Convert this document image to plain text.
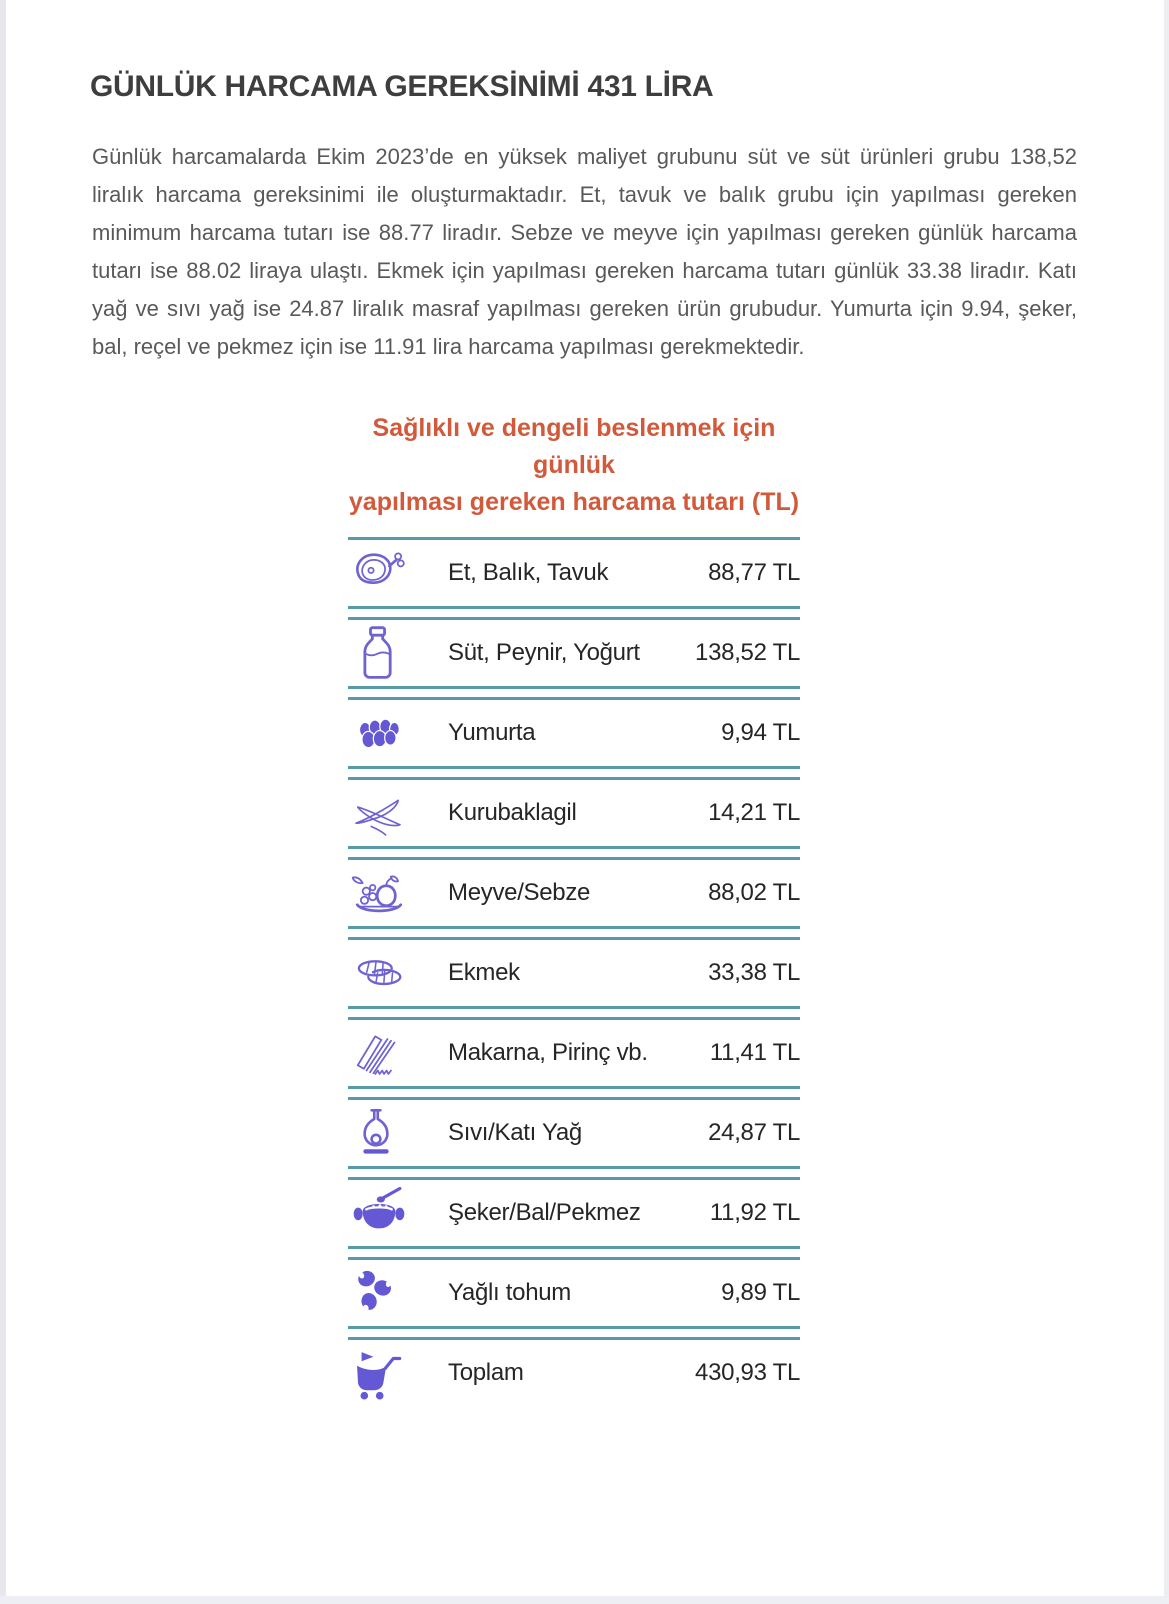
GÜNLÜK HARCAMA GEREKSİNİMİ 431 LİRA

Günlük harcamalarda Ekim 2023’de en yüksek maliyet grubunu süt ve süt ürünleri grubu 138,52 liralık harcama gereksinimi ile oluşturmaktadır. Et, tavuk ve balık grubu için yapılması gereken minimum harcama tutarı ise 88.77 liradır. Sebze ve meyve için yapılması gereken günlük harcama tutarı ise 88.02 liraya ulaştı. Ekmek için yapılması gereken harcama tutarı günlük 33.38 liradır. Katı yağ ve sıvı yağ ise 24.87 liralık masraf yapılması gereken ürün grubudur. Yumurta için 9.94, şeker, bal, reçel ve pekmez için ise 11.91 lira harcama yapılması gerekmektedir.

Sağlıklı ve dengeli beslenmek için günlük
yapılması gereken harcama tutarı (TL)
Et, Balık, Tavuk	88,77 TL
Süt, Peynir, Yoğurt 138,52 TL
Yumurta	9,94 TL
Kurubaklagil	14,21 TL
Meyve/Sebze	88,02 TL
Ekmek	33,38 TL
Makarna, Pirinç vb.	11,41 TL
Sıvı/Katı Yağ	24,87 TL
Şeker/Bal/Pekmez	11,92 TL
Yağlı tohum	9,89 TL
Toplam	430,93 TL
